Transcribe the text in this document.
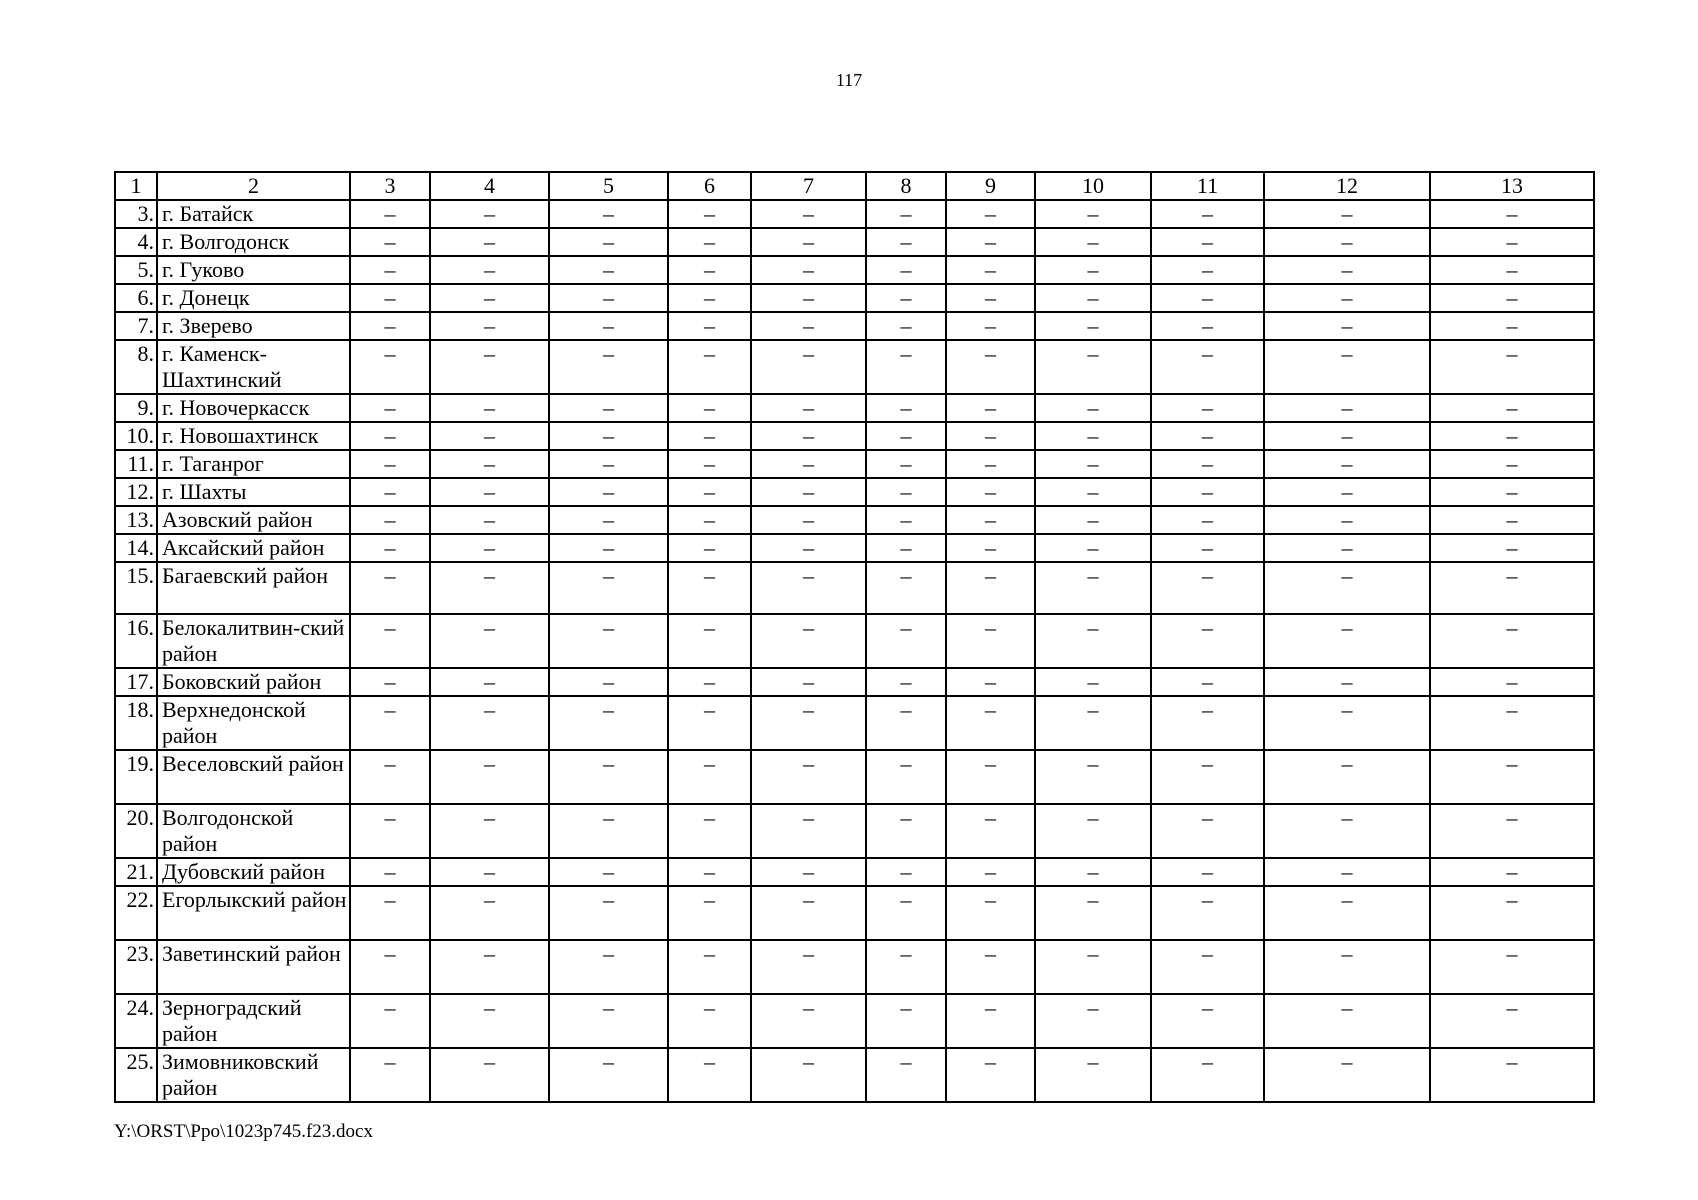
117
1	2	3	4	5	6	7	8	9	10	11	12	13
3.	г. Батайск	–	–	–	–	–	–	–	–	–	–	–
4.	г. Волгодонск	–	–	–	–	–	–	–	–	–	–	–
5.	г. Гуково	–	–	–	–	–	–	–	–	–	–	–
6.	г. Донецк	–	–	–	–	–	–	–	–	–	–	–
7.	г. Зверево	–	–	–	–	–	–	–	–	–	–	–
8.	г. Каменск-Шахтинский	–	–	–	–	–	–	–	–	–	–	–
9.	г. Новочеркасск	–	–	–	–	–	–	–	–	–	–	–
10.	г. Новошахтинск	–	–	–	–	–	–	–	–	–	–	–
11.	г. Таганрог	–	–	–	–	–	–	–	–	–	–	–
12.	г. Шахты	–	–	–	–	–	–	–	–	–	–	–
13.	Азовский район	–	–	–	–	–	–	–	–	–	–	–
14.	Аксайский район	–	–	–	–	–	–	–	–	–	–	–
15.	Багаевский район	–	–	–	–	–	–	–	–	–	–	–
16.	Белокалитвин-ский район	–	–	–	–	–	–	–	–	–	–	–
17.	Боковский район	–	–	–	–	–	–	–	–	–	–	–
18.	Верхнедонской район	–	–	–	–	–	–	–	–	–	–	–
19.	Веселовский район	–	–	–	–	–	–	–	–	–	–	–
20.	Волгодонской район	–	–	–	–	–	–	–	–	–	–	–
21.	Дубовский район	–	–	–	–	–	–	–	–	–	–	–
22.	Егорлыкский район	–	–	–	–	–	–	–	–	–	–	–
23.	Заветинский район	–	–	–	–	–	–	–	–	–	–	–
24.	Зерноградский район	–	–	–	–	–	–	–	–	–	–	–
25.	Зимовниковский район	–	–	–	–	–	–	–	–	–	–	–
Y:\ORST\Ppo\1023p745.f23.docx
